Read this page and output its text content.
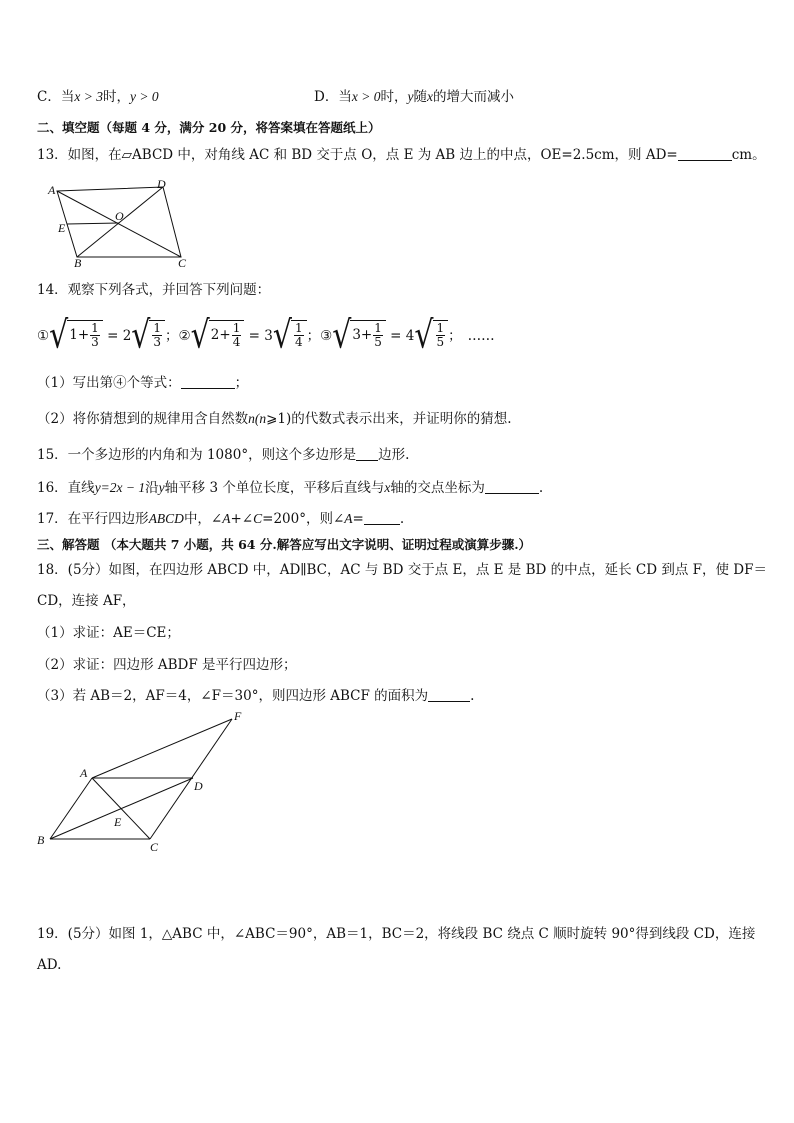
C．当x > 3时，y > 0	D．当x > 0时，y随x的增大而减小
二、填空题（每题 4 分，满分 20 分，将答案填在答题纸上）
13．如图，在▱ABCD 中，对角线 AC 和 BD 交于点 O，点 E 为 AB 边上的中点，OE=2.5cm，则 AD=	cm。
A	D
O
E
B	C
14．观察下列各式，并回答下列问题：
① √ $1+ \frac{1}{3} = 2$ √ $\frac{1}{3}$ ； ② √ $2+ \frac{1}{4} = 3$ √ $\frac{1}{4}$ ； ③ √ $3+ \frac{1}{5} = 4$ √ $\frac{1}{5}$ ； ……
（1）写出第④个等式：	；
（2）将你猜想到的规律用含自然数n(n⩾1)的代数式表示出来，并证明你的猜想.
15．一个多边形的内角和为 1080°，则这个多边形是 边形.
16．直线y=2x − 1沿y轴平移 3 个单位长度，平移后直线与x轴的交点坐标为	.
17．在平行四边形ABCD中，∠A+∠C=200°，则∠A=	.
三、解答题 （本大题共 7 小题，共 64 分.解答应写出文字说明、证明过程或演算步骤.）
18．(5分）如图，在四边形 ABCD 中，AD∥BC，AC 与 BD 交于点 E，点 E 是 BD 的中点，延长 CD 到点 F，使 DF＝
CD，连接 AF，
（1）求证：AE＝CE；
（2）求证：四边形 ABDF 是平行四边形；
（3）若 AB＝2，AF＝4，∠F＝30°，则四边形 ABCF 的面积为	.
F
A
D
E
B	C
19．(5分）如图 1，△ABC 中，∠ABC＝90°，AB＝1，BC＝2，将线段 BC 绕点 C 顺时旋转 90°得到线段 CD，连接
AD.
